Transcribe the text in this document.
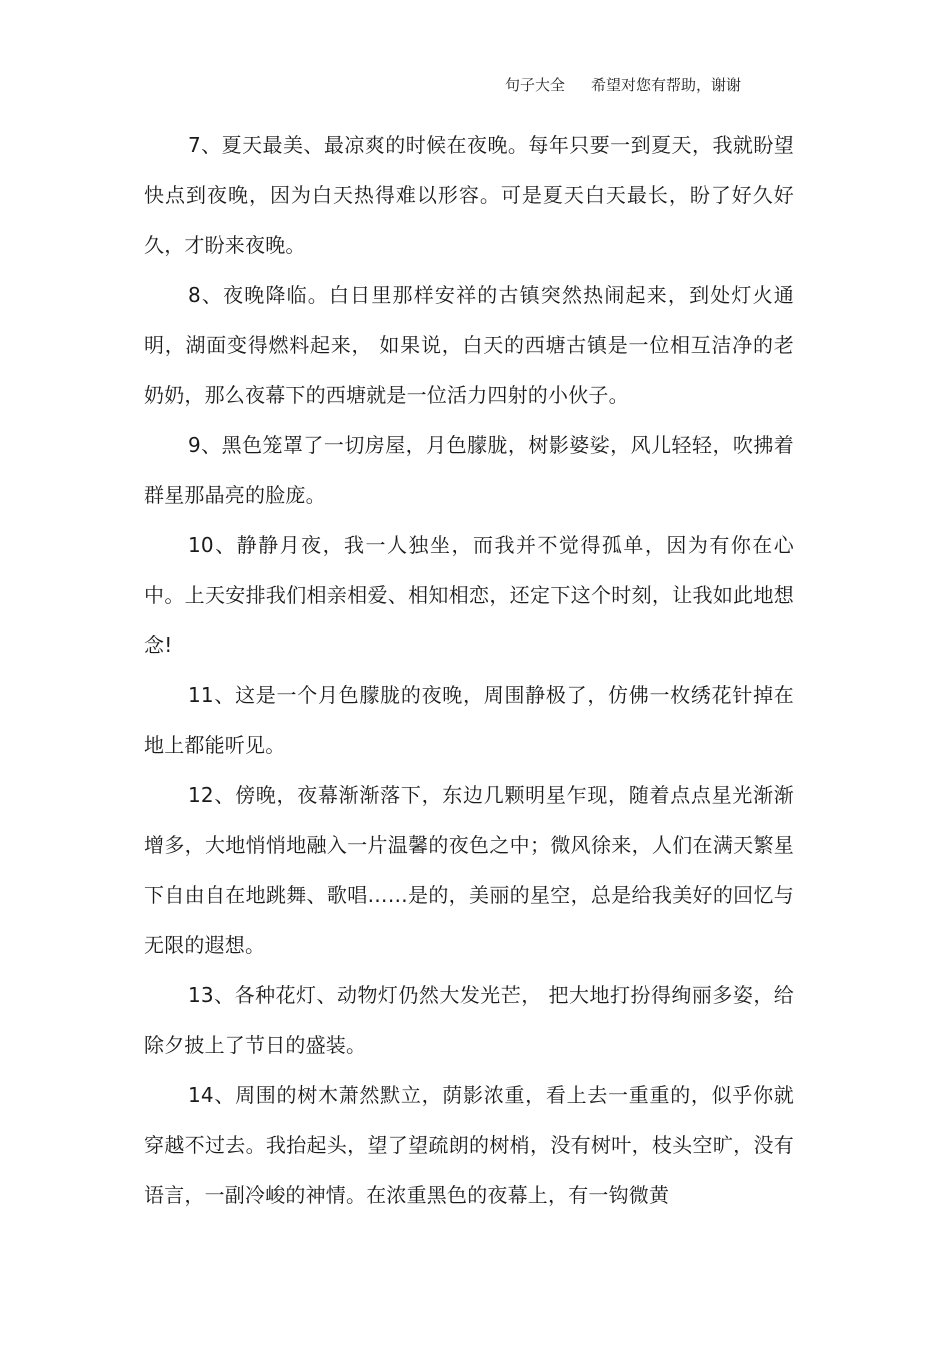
句子大全 希望对您有帮助，谢谢

7、夏天最美、最凉爽的时候在夜晚。每年只要一到夏天，我就盼望快点到夜晚，因为白天热得难以形容。可是夏天白天最长，盼了好久好久，才盼来夜晚。

8、夜晚降临。白日里那样安祥的古镇突然热闹起来，到处灯火通明，湖面变得燃料起来， 如果说，白天的西塘古镇是一位相互洁净的老奶奶，那么夜幕下的西塘就是一位活力四射的小伙子。

9、黑色笼罩了一切房屋，月色朦胧，树影婆娑，风儿轻轻，吹拂着群星那晶亮的脸庞。

10、静静月夜，我一人独坐，而我并不觉得孤单，因为有你在心中。上天安排我们相亲相爱、相知相恋，还定下这个时刻，让我如此地想念!

11、这是一个月色朦胧的夜晚，周围静极了，仿佛一枚绣花针掉在地上都能听见。

12、傍晚，夜幕渐渐落下，东边几颗明星乍现，随着点点星光渐渐增多，大地悄悄地融入一片温馨的夜色之中；微风徐来，人们在满天繁星下自由自在地跳舞、歌唱……是的，美丽的星空，总是给我美好的回忆与无限的遐想。

13、各种花灯、动物灯仍然大发光芒， 把大地打扮得绚丽多姿，给除夕披上了节日的盛装。

14、周围的树木萧然默立，荫影浓重，看上去一重重的，似乎你就穿越不过去。我抬起头，望了望疏朗的树梢，没有树叶，枝头空旷，没有语言，一副冷峻的神情。在浓重黑色的夜幕上，有一钩微黄
